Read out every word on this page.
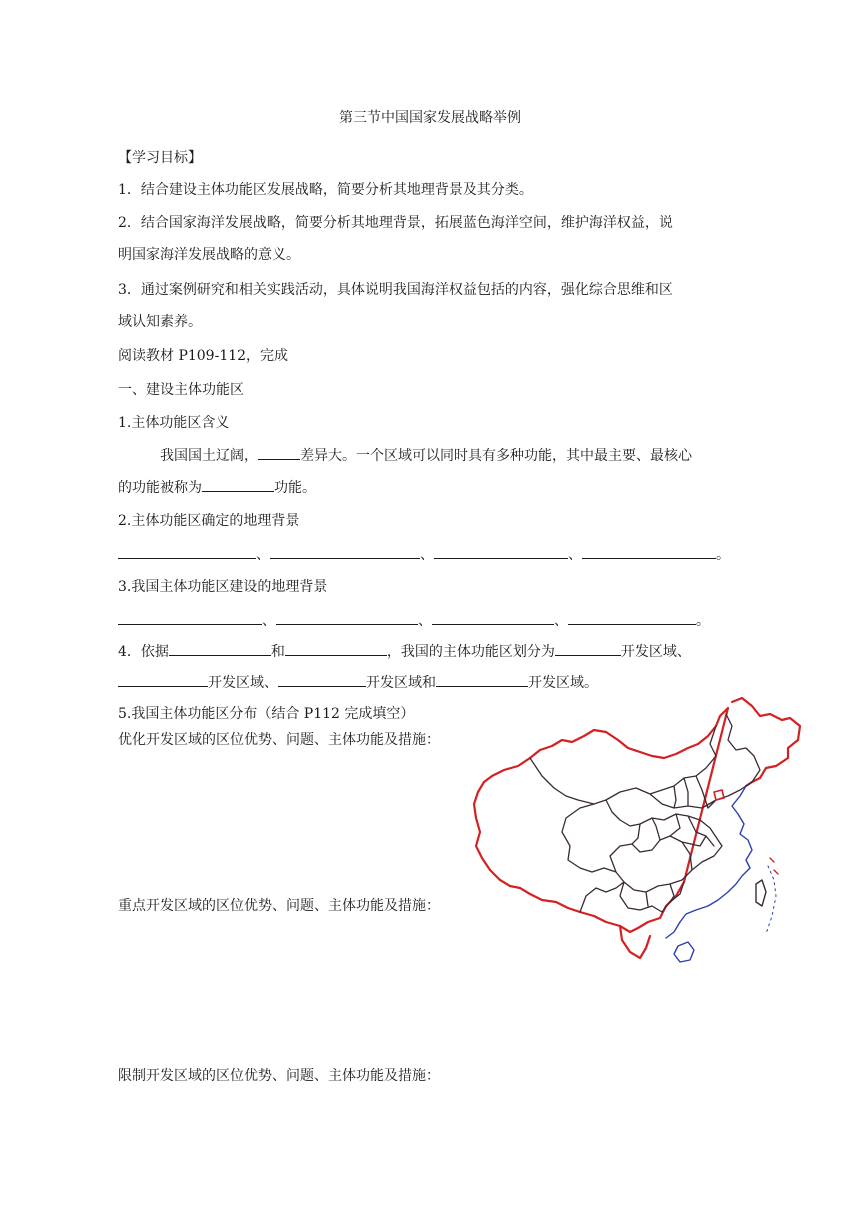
第三节中国国家发展战略举例
【学习目标】
1．结合建设主体功能区发展战略，简要分析其地理背景及其分类。
2．结合国家海洋发展战略，简要分析其地理背景，拓展蓝色海洋空间，维护海洋权益，说
明国家海洋发展战略的意义。
3．通过案例研究和相关实践活动，具体说明我国海洋权益包括的内容，强化综合思维和区
域认知素养。
阅读教材 P109-112，完成
一、建设主体功能区
1.主体功能区含义
我国国土辽阔，	差异大。一个区域可以同时具有多种功能，其中最主要、最核心
的功能被称为	功能。
2.主体功能区确定的地理背景
、	、	、	。
3.我国主体功能区建设的地理背景
、	、	、	。
4．依据	和	，我国的主体功能区划分为	开发区域、
开发区域、	开发区域和	开发区域。
5.我国主体功能区分布（结合 P112 完成填空）
优化开发区域的区位优势、问题、主体功能及措施：
重点开发区域的区位优势、问题、主体功能及措施：
限制开发区域的区位优势、问题、主体功能及措施：
